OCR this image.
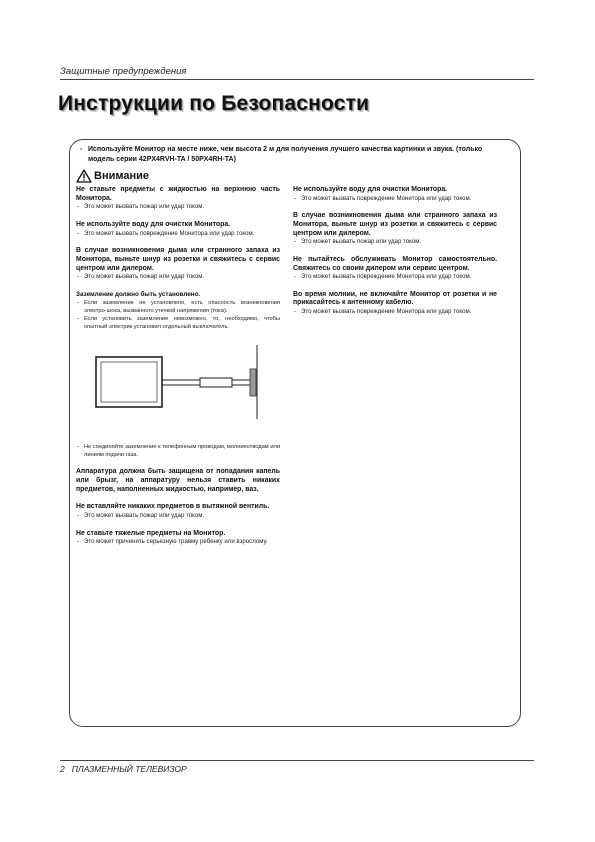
Защитные предупреждения
Инструкции по Безопасности
- Используйте Монитор на месте ниже, чем высота 2 м для получения лучшего качества картинки и звука. (только модель серии 42PX4RVH-TA / 50PX4RH-TA)
Внимание

Не ставьте предметы с жидкостью на верхнюю часть Монитора.

- Это может вызвать пожар или удар током.

Не используйте воду для очистки Монитора.

- Это может вызвать повреждение Монитора или удар током.

В случае возникновения дыма или странного запаха из Монитора, выньте шнур из розетки и свяжитесь с сервис центром или дилером.

- Это может вызвать пожар или удар током.
Заземление должно быть установлено.
- Если заземление не установлено, есть опасность возникновения электро-шока, вызванного утечкой напряжения (тока).
- Если установить заземление невозможно, то, необходимо, чтобы опытный электрик установил отдельный выключатель.
- Не соединяйте заземление к телефонным проводам, молниеотводам или линиям подачи газа.

Аппаратура должна быть защищена от попадания капель или брызг, на аппаратуру нельзя ставить никаких предметов, наполненных жидкостью, например, ваз.

Не вставляйте никаких предметов в вытяжной вентиль.

- Это может вызвать пожар или удар током.

Не ставьте тяжелые предметы на Монитор.

- Это может причинить серьезную травму ребенку или взрослому.

Не используйте воду для очистки Монитора.

- Это может вызвать повреждение Монитора или удар током.

В случае возникновения дыма или странного запаха из Монитора, выньте шнур из розетки и свяжитесь с сервис центром или дилером.

- Это может вызвать пожар или удар током.

Не пытайтесь обслуживать Монитор самостоятельно. Свяжитесь со своим дилером или сервис центром.

- Это может вызвать повреждение Монитора или удар током.

Во время молнии, не включайте Монитор от розетки и не прикасайтесь к антенному кабелю.

- Это может вызвать повреждение Монитора или удар током.
2 ПЛАЗМЕННЫЙ ТЕЛЕВИЗОР
